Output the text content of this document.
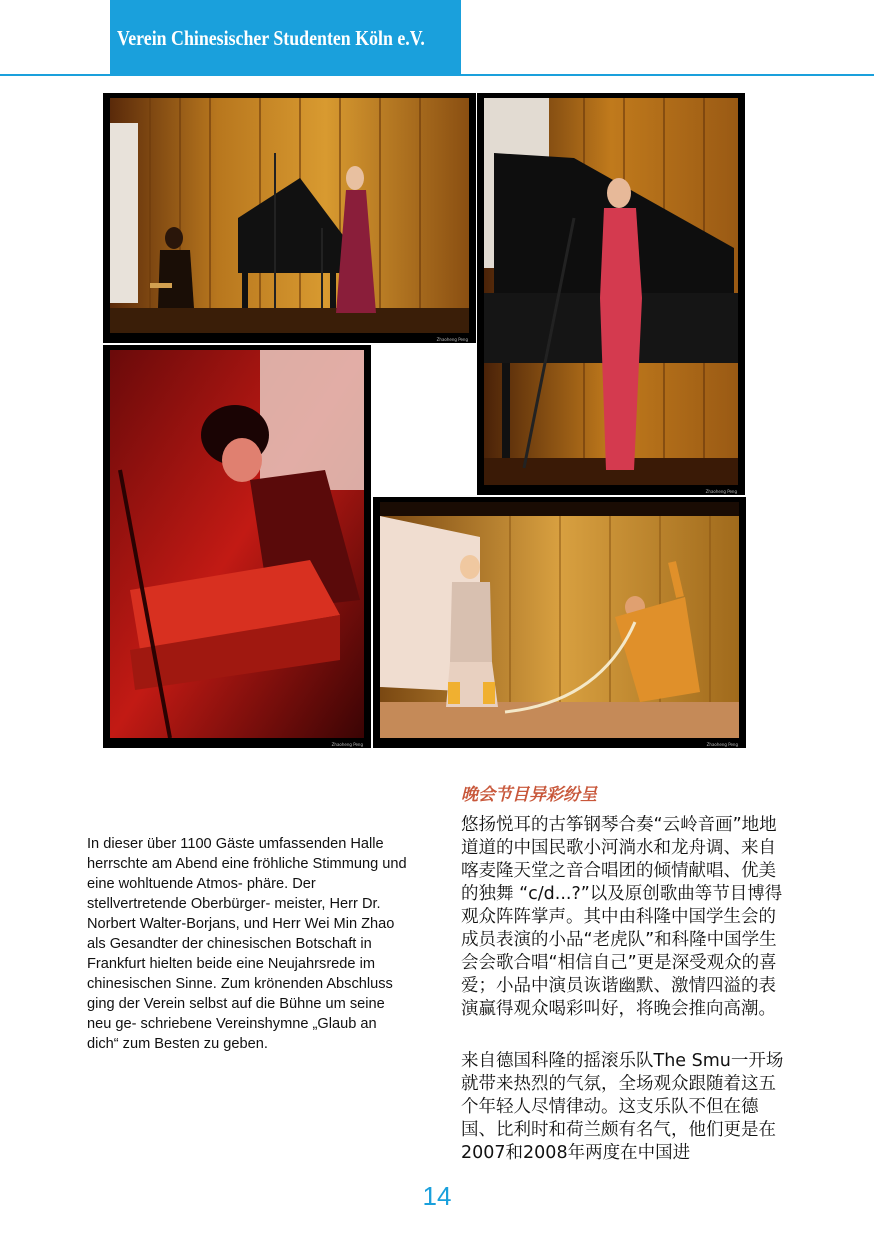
Verein Chinesischer Studenten Köln e.V.
Zhaoheng Peng
Zhaoheng Peng
Zhaoheng Peng	Zhaoheng Peng
晚会节目异彩纷呈
悠扬悦耳的古筝钢琴合奏“云岭音画”地地道道的中国民歌小河淌水和龙舟调、来自喀麦隆天堂之音合唱团的倾情献唱、优美的独舞 “c/d...?”以及原创歌曲等节目博得观众阵阵掌声。其中由科隆中国学生会的成员表演的小品“老虎队”和科隆中国学生会会歌合唱“相信自己”更是深受观众的喜爱；小品中演员诙谐幽默、激情四溢的表演赢得观众喝彩叫好，将晚会推向高潮。
来自德国科隆的摇滚乐队The Smu一开场就带来热烈的气氛，全场观众跟随着这五个年轻人尽情律动。这支乐队不但在德国、比利时和荷兰颇有名气，他们更是在2007和2008年两度在中国进
In dieser über 1100 Gäste umfassenden Halle herrschte am Abend eine fröhliche Stimmung und eine wohltuende Atmos- phäre. Der stellvertretende Oberbürger- meister, Herr Dr. Norbert Walter-Borjans, und Herr Wei Min Zhao als Gesandter der chinesischen Botschaft in Frankfurt hielten beide eine Neujahrsrede im chinesischen Sinne. Zum krönenden Abschluss ging der Verein selbst auf die Bühne um seine neu ge- schriebene Vereinshymne „Glaub an dich“ zum Besten zu geben.
14
